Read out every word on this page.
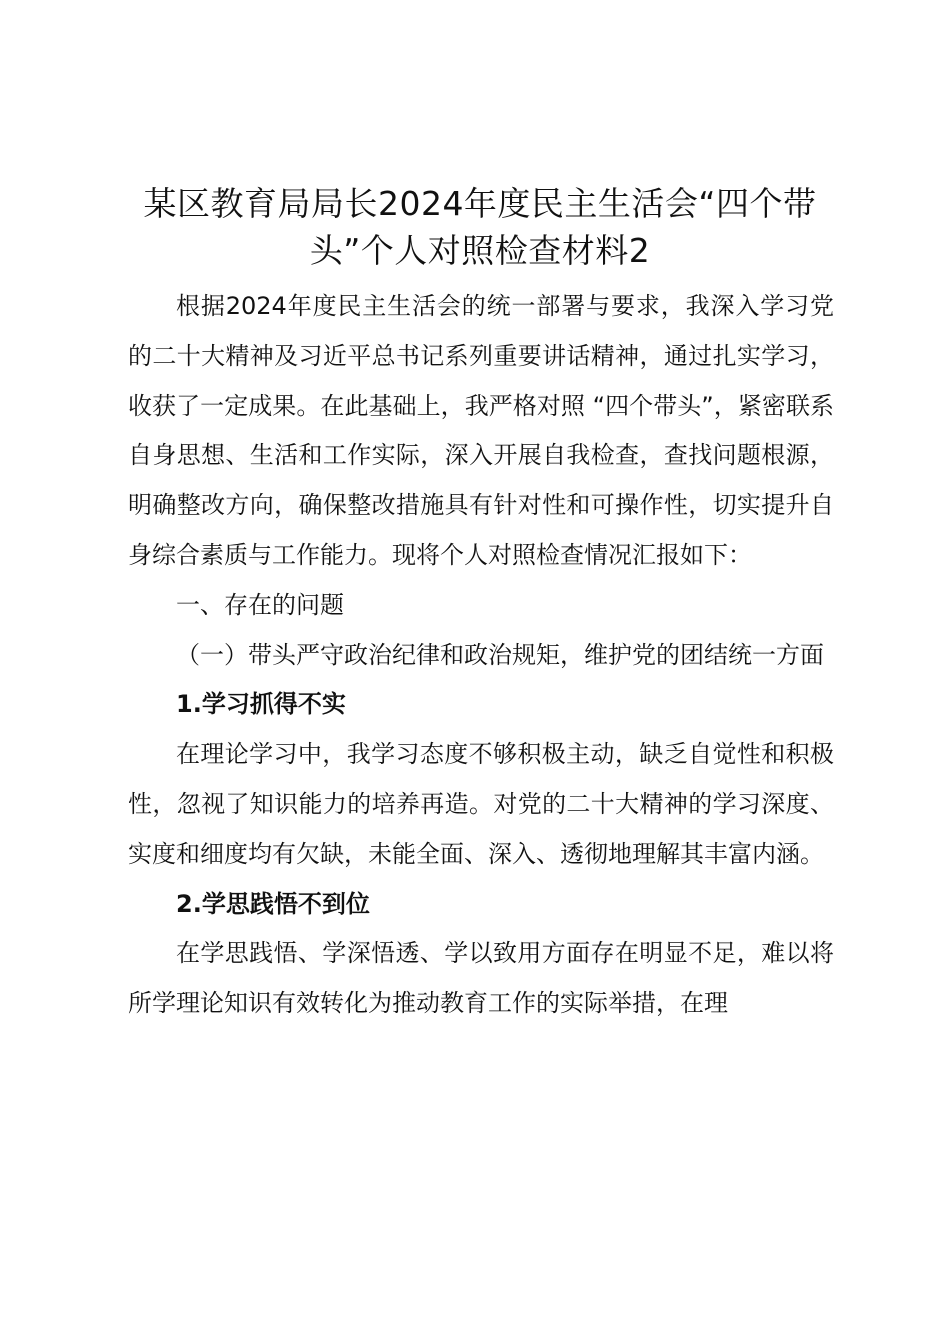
某区教育局局长2024年度民主生活会“四个带头”个人对照检查材料2

根据2024年度民主生活会的统一部署与要求，我深入学习党的二十大精神及习近平总书记系列重要讲话精神，通过扎实学习，收获了一定成果。在此基础上，我严格对照 “四个带头”，紧密联系自身思想、生活和工作实际，深入开展自我检查，查找问题根源，明确整改方向，确保整改措施具有针对性和可操作性，切实提升自身综合素质与工作能力。现将个人对照检查情况汇报如下：

一、存在的问题

（一）带头严守政治纪律和政治规矩，维护党的团结统一方面

1.学习抓得不实

在理论学习中，我学习态度不够积极主动，缺乏自觉性和积极性，忽视了知识能力的培养再造。对党的二十大精神的学习深度、实度和细度均有欠缺，未能全面、深入、透彻地理解其丰富内涵。

2.学思践悟不到位

在学思践悟、学深悟透、学以致用方面存在明显不足，难以将所学理论知识有效转化为推动教育工作的实际举措，在理
